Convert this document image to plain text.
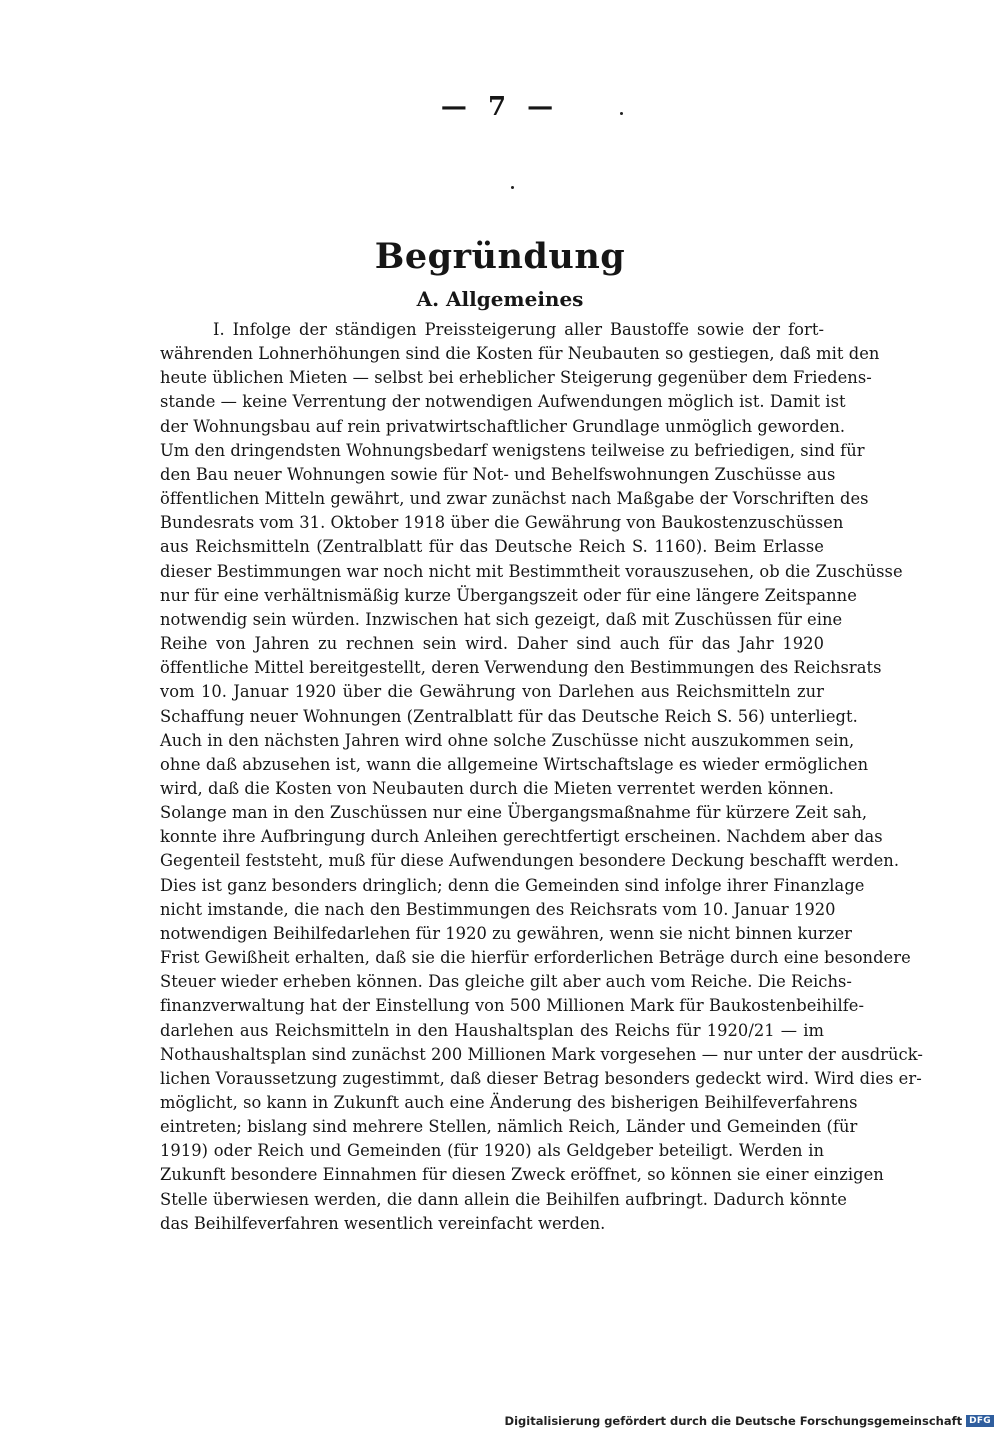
— 7 —
Begründung
A. Allgemeines
I. Infolge der ständigen Preissteigerung aller Baustoffe sowie der fort-
währenden Lohnerhöhungen sind die Kosten für Neubauten so gestiegen, daß mit den
heute üblichen Mieten — selbst bei erheblicher Steigerung gegenüber dem Friedens-
stande — keine Verrentung der notwendigen Aufwendungen möglich ist. Damit ist
der Wohnungsbau auf rein privatwirtschaftlicher Grundlage unmöglich geworden.
Um den dringendsten Wohnungsbedarf wenigstens teilweise zu befriedigen, sind für
den Bau neuer Wohnungen sowie für Not- und Behelfswohnungen Zuschüsse aus
öffentlichen Mitteln gewährt, und zwar zunächst nach Maßgabe der Vorschriften des
Bundesrats vom 31. Oktober 1918 über die Gewährung von Baukostenzuschüssen
aus Reichsmitteln (Zentralblatt für das Deutsche Reich S. 1160). Beim Erlasse
dieser Bestimmungen war noch nicht mit Bestimmtheit vorauszusehen, ob die Zuschüsse
nur für eine verhältnismäßig kurze Übergangszeit oder für eine längere Zeitspanne
notwendig sein würden. Inzwischen hat sich gezeigt, daß mit Zuschüssen für eine
Reihe von Jahren zu rechnen sein wird. Daher sind auch für das Jahr 1920
öffentliche Mittel bereitgestellt, deren Verwendung den Bestimmungen des Reichsrats
vom 10. Januar 1920 über die Gewährung von Darlehen aus Reichsmitteln zur
Schaffung neuer Wohnungen (Zentralblatt für das Deutsche Reich S. 56) unterliegt.
Auch in den nächsten Jahren wird ohne solche Zuschüsse nicht auszukommen sein,
ohne daß abzusehen ist, wann die allgemeine Wirtschaftslage es wieder ermöglichen
wird, daß die Kosten von Neubauten durch die Mieten verrentet werden können.
Solange man in den Zuschüssen nur eine Übergangsmaßnahme für kürzere Zeit sah,
konnte ihre Aufbringung durch Anleihen gerechtfertigt erscheinen. Nachdem aber das
Gegenteil feststeht, muß für diese Aufwendungen besondere Deckung beschafft werden.
Dies ist ganz besonders dringlich; denn die Gemeinden sind infolge ihrer Finanzlage
nicht imstande, die nach den Bestimmungen des Reichsrats vom 10. Januar 1920
notwendigen Beihilfedarlehen für 1920 zu gewähren, wenn sie nicht binnen kurzer
Frist Gewißheit erhalten, daß sie die hierfür erforderlichen Beträge durch eine besondere
Steuer wieder erheben können. Das gleiche gilt aber auch vom Reiche. Die Reichs-
finanzverwaltung hat der Einstellung von 500 Millionen Mark für Baukostenbeihilfe-
darlehen aus Reichsmitteln in den Haushaltsplan des Reichs für 1920/21 — im
Nothaushaltsplan sind zunächst 200 Millionen Mark vorgesehen — nur unter der ausdrück-
lichen Voraussetzung zugestimmt, daß dieser Betrag besonders gedeckt wird. Wird dies er-
möglicht, so kann in Zukunft auch eine Änderung des bisherigen Beihilfeverfahrens
eintreten; bislang sind mehrere Stellen, nämlich Reich, Länder und Gemeinden (für
1919) oder Reich und Gemeinden (für 1920) als Geldgeber beteiligt. Werden in
Zukunft besondere Einnahmen für diesen Zweck eröffnet, so können sie einer einzigen
Stelle überwiesen werden, die dann allein die Beihilfen aufbringt. Dadurch könnte
das Beihilfeverfahren wesentlich vereinfacht werden.
Digitalisierung gefördert durch die Deutsche Forschungsgemeinschaft DFG
